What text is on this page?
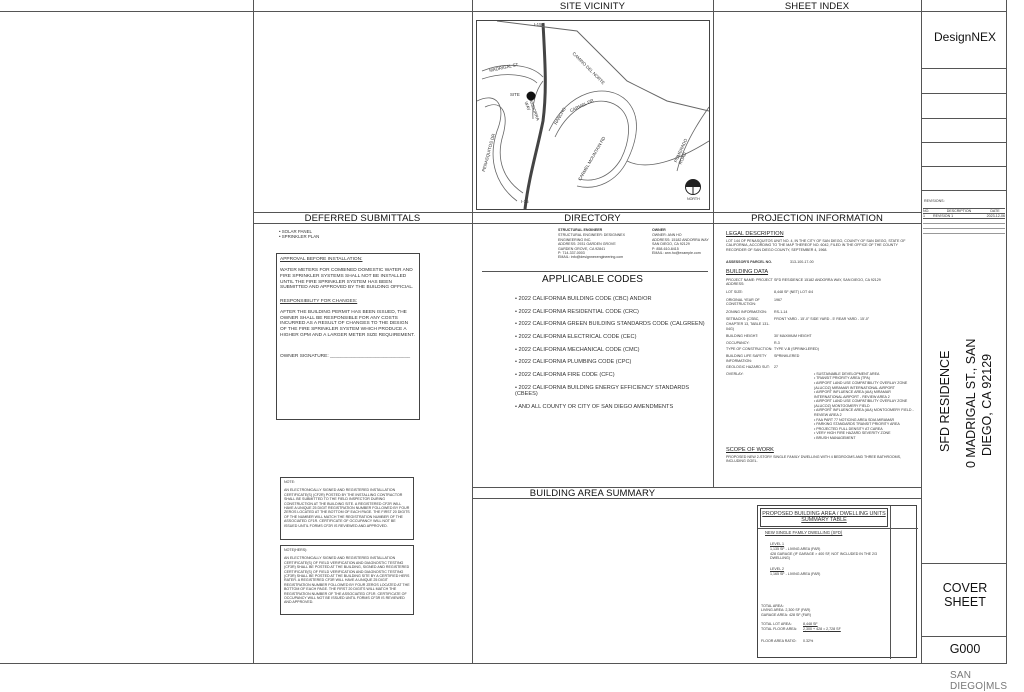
SITE VICINITY	SHEET INDEX
DEFERRED SUBMITTALS	DIRECTORY	PROJECTION INFORMATION
BUILDING AREA SUMMARY
I-15
I-15
CAMINO DEL NORTE
MADRIGAL ST
SITE
ANDORRA WAY
PENASQUITOS DR
RANCHO
CARMEL DR
CARMEL MOUNTAIN RD	POMERADO ROAD
NORTH
• SOLAR PANEL
• SPRINKLER PLAN
APPROVAL BEFORE INSTALLATION:
WATER METERS FOR COMBINED DOMESTIC WATER AND FIRE SPRINKLER SYSTEMS SHALL NOT BE INSTALLED UNTIL THE FIRE SPRINKLER SYSTEM HAS BEEN SUBMITTED AND APPROVED BY THE BUILDING OFFICIAL.
RESPONSIBILITY FOR CHANGES:
AFTER THE BUILDING PERMIT HAS BEEN ISSUED, THE OWNER SHALL BE RESPONSIBLE FOR ANY COSTS INCURRED AS A RESULT OF CHANGES TO THE DESIGN OF THE FIRE SPRINKLER SYSTEM WHICH PRODUCE A HIGHER GPM AND A LARGER METER SIZE REQUIREMENT.
OWNER SIGNATURE: ______________________________
NOTE:
AN ELECTRONICALLY SIGNED AND REGISTERED INSTALLATION CERTIFICATE(S) (CF2R) POSTED BY THE INSTALLING CONTRACTOR SHALL BE SUBMITTED TO THE FIELD INSPECTOR DURING CONSTRUCTION AT THE BUILDING SITE. A REGISTERED CF2R WILL HAVE A UNIQUE 25 DIGIT REGISTRATION NUMBER FOLLOWED BY FOUR ZEROS LOCATED AT THE BOTTOM OF EACH PAGE. THE FIRST 20 DIGITS OF THE NUMBER WILL MATCH THE REGISTRATION NUMBER OF THE ASSOCIATED CF1R. CERTIFICATE OF OCCUPANCY WILL NOT BE ISSUED UNTIL FORMS CF2R IS REVIEWED AND APPROVED.
NOTE(HERS):
AN ELECTRONICALLY SIGNED AND REGISTERED INSTALLATION CERTIFICATE(S) OF FIELD VERIFICATION AND DIAGNOSTIC TESTING (CF3R) SHALL BE POSTED AT THE BUILDING, SIGNED AND REGISTERED CERTIFICATE(S) OF FIELD VERIFICATION AND DIAGNOSTIC TESTING (CF3R) SHALL BE POSTED AT THE BUILDING SITE BY A CERTIFIED HERS RATER. A REGISTERED CF3R WILL HAVE A UNIQUE 25 DIGIT REGISTRATION NUMBER FOLLOWED BY FOUR ZEROS LOCATED AT THE BOTTOM OF EACH PAGE. THE FIRST 20 DIGITS WILL MATCH THE REGISTRATION NUMBER OF THE ASSOCIATED CF1R. CERTIFICATE OF OCCUPANCY WILL NOT BE ISSUED UNTIL FORMS CF3R IS REVIEWED AND APPROVED.
STRUCTURAL ENGINEER
STRUCTURAL ENGINEER: DESIGNNEX ENGINEERING INC.
ADDRESS: 2931 GARDEN GROVE
GARDEN GROVE, CA 92841
P: 714-337-0003
EMAIL: info@designnexengineering.com
OWNER
OWNER: ANN HO
ADDRESS: 15182 ANDORRA WAY
SAN DIEGO, CA 92129
P: 858-610-8415
EMAIL: ann.ho@example.com
APPLICABLE CODES
• 2022 CALIFORNIA BUILDING CODE (CBC) AND/OR
• 2022 CALIFORNIA RESIDENTIAL CODE (CRC)
• 2022 CALIFORNIA GREEN BUILDING STANDARDS CODE (CALGREEN)
• 2022 CALIFORNIA ELECTRICAL CODE (CEC)
• 2022 CALIFORNIA MECHANICAL CODE (CMC)
• 2022 CALIFORNIA PLUMBING CODE (CPC)
• 2022 CALIFORNIA FIRE CODE (CFC)
• 2022 CALIFORNIA BUILDING ENERGY EFFICIENCY STANDARDS (CBEES)
• AND ALL COUNTY OR CITY OF SAN DIEGO AMENDMENTS
LEGAL DESCRIPTION
LOT 144 OF PENASQUITOS UNIT NO. 4, IN THE CITY OF SAN DIEGO, COUNTY OF SAN DIEGO, STATE OF CALIFORNIA, ACCORDING TO THE MAP THEREOF NO. 6042, FILED IN THE OFFICE OF THE COUNTY RECORDER OF SAN DIEGO COUNTY, SEPTEMBER 4, 1968.
ASSESSOR'S PARCEL NO.	313-100-17-00
BUILDING DATA
PROJECT NAME: PROJECT ADDRESS:
SFD RESIDENCE 15182 ANDORRA WAY, SAN DIEGO, CA 92129
LOT SIZE:	8,448 SF (NET) LOT 4/4
ORIGINAL YEAR OF CONSTRUCTION:
1967
ZONING INFORMATION:	RS-1-14
SETBACKS: (CSBC, CHAPTER 13, TABLE 131-04G)
FRONT YARD - 15'-0" SIDE YARD - 5' REAR YARD - 15'-0"
BUILDING HEIGHT:	30' MAXIMUM HEIGHT
OCCUPANCY:	R-3
TYPE OF CONSTRUCTION: TYPE V-B (SPRINKLERED)
BUILDING LIFE SAFETY INFORMATION:
SPRINKLERED
GEOLOGIC HAZARD SUT:	27
OVERLAY:	• SUSTAINABLE DEVELOPMENT AREA
• TRANSIT PRIORITY AREA (TPA)
• AIRPORT LAND USE COMPATIBILITY OVERLAY ZONE (ALUCOZ) MIRAMAR INTERNATIONAL AIRPORT
• AIRPORT INFLUENCE AREA (AIA) MIRAMAR INTERNATIONAL AIRPORT - REVIEW AREA 2
• AIRPORT LAND USE COMPATIBILITY OVERLAY ZONE (ALUCOZ) MONTGOMERY FIELD
• AIRPORT INFLUENCE AREA (AIA) MONTGOMERY FIELD - REVIEW AREA 2
• FAA PART 77 NOTICING AREA SDIA MIRAMAR
• PARKING STANDARDS TRANSIT PRIORITY AREA
• PROJECTED FULL DENSITY AT CAREA
• VERY HIGH FIRE HAZARD SEVERITY ZONE
• BRUSH MANAGEMENT
SCOPE OF WORK
PROPOSED NEW 2-STORY SINGLE FAMILY DWELLING WITH 4 BEDROOMS AND THREE BATHROOMS, INCLUDING GGEL.
PROPOSED BUILDING AREA / DWELLING UNITS SUMMARY TABLE
NEW SINGLE FAMILY DWELLING (SFD)
LEVEL 1
1,135 SF - LIVING AREA (FAR)
428 GARAGE (IF GARAGE > 400 SF, NOT INCLUDED IN THE 2/3 DWELLING)
LEVEL 2
1,165 SF - LIVING AREA (FAR)
TOTAL AREA:
LIVING AREA: 2,300 SF (FAR)
GARAGE AREA: 428 SF (FAR)
TOTAL LOT AREA:	8,448 SF
TOTAL FLOOR AREA:	2,300 + 428 = 2,728 SF
FLOOR AREA RATIO:	0.32%
DesignNEX
REVISIONS:
NO.	DESCRIPTION	DATE
1	REVISION 1	2023-12-06
SFD RESIDENCE 0 MADRIGAL ST., SAN DIEGO, CA 92129
COVER
SHEET
G000
SAN DIEGO|MLS
